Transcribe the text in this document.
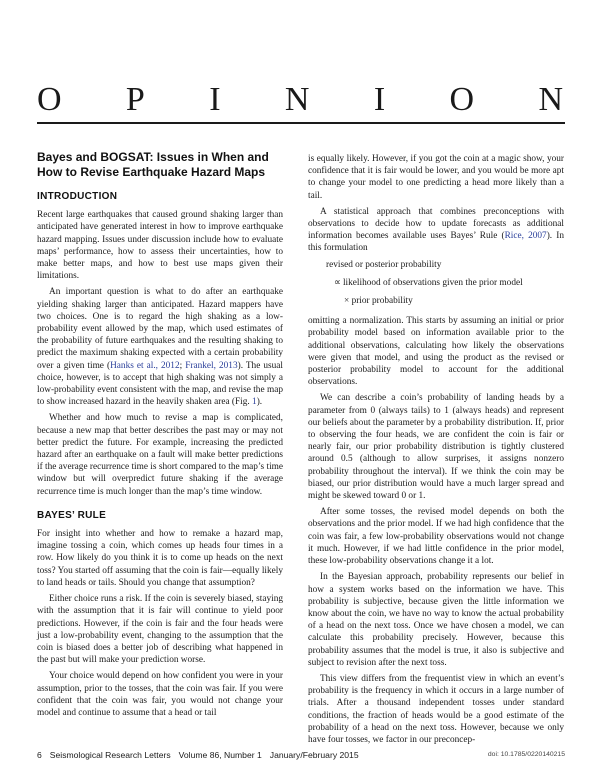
OPINION
Bayes and BOGSAT: Issues in When and How to Revise Earthquake Hazard Maps
INTRODUCTION

Recent large earthquakes that caused ground shaking larger than anticipated have generated interest in how to improve earthquake hazard mapping. Issues under discussion include how to evaluate maps’ performance, how to assess their uncertainties, how to make better maps, and how to best use maps given their limitations.

An important question is what to do after an earthquake yielding shaking larger than anticipated. Hazard mappers have two choices. One is to regard the high shaking as a low-probability event allowed by the map, which used estimates of the probability of future earthquakes and the resulting shaking to predict the maximum shaking expected with a certain probability over a given time (Hanks et al., 2012; Frankel, 2013). The usual choice, however, is to accept that high shaking was not simply a low-probability event consistent with the map, and revise the map to show increased hazard in the heavily shaken area (Fig. 1).

Whether and how much to revise a map is complicated, because a new map that better describes the past may or may not better predict the future. For example, increasing the predicted hazard after an earthquake on a fault will make better predictions if the average recurrence time is short compared to the map’s time window but will overpredict future shaking if the average recurrence time is much longer than the map’s time window.

BAYES’ RULE

For insight into whether and how to remake a hazard map, imagine tossing a coin, which comes up heads four times in a row. How likely do you think it is to come up heads on the next toss? You started off assuming that the coin is fair—equally likely to land heads or tails. Should you change that assumption?

Either choice runs a risk. If the coin is severely biased, staying with the assumption that it is fair will continue to yield poor predictions. However, if the coin is fair and the four heads were just a low-probability event, changing to the assumption that the coin is biased does a better job of describing what happened in the past but will make your prediction worse.

Your choice would depend on how confident you were in your assumption, prior to the tosses, that the coin was fair. If you were confident that the coin was fair, you would not change your model and continue to assume that a head or tail

is equally likely. However, if you got the coin at a magic show, your confidence that it is fair would be lower, and you would be more apt to change your model to one predicting a head more likely than a tail.

A statistical approach that combines preconceptions with observations to decide how to update forecasts as additional information becomes available uses Bayes’ Rule (Rice, 2007). In this formulation

revised or posterior probability
∝ likelihood of observations given the prior model
× prior probability

omitting a normalization. This starts by assuming an initial or prior probability model based on information available prior to the additional observations, calculating how likely the observations were given that model, and using the product as the revised or posterior probability model to account for the additional observations.

We can describe a coin’s probability of landing heads by a parameter from 0 (always tails) to 1 (always heads) and represent our beliefs about the parameter by a probability distribution. If, prior to observing the four heads, we are confident the coin is fair or nearly fair, our prior probability distribution is tightly clustered around 0.5 (although to allow surprises, it assigns nonzero probability throughout the interval). If we think the coin may be biased, our prior distribution would have a much larger spread and might be skewed toward 0 or 1.

After some tosses, the revised model depends on both the observations and the prior model. If we had high confidence that the coin was fair, a few low-probability observations would not change it much. However, if we had little confidence in the prior model, these low-probability observations change it a lot.

In the Bayesian approach, probability represents our belief in how a system works based on the information we have. This probability is subjective, because given the little information we know about the coin, we have no way to know the actual probability of a head on the next toss. Once we have chosen a model, we can calculate this probability precisely. However, because this probability assumes that the model is true, it also is subjective and subject to revision after the next toss.

This view differs from the frequentist view in which an event’s probability is the frequency in which it occurs in a large number of trials. After a thousand independent tosses under standard conditions, the fraction of heads would be a good estimate of the probability of a head on the next toss. However, because we only have four tosses, we factor in our preconcep-

6 Seismological Research Letters Volume 86, Number 1 January/February 2015	doi: 10.1785/0220140215
